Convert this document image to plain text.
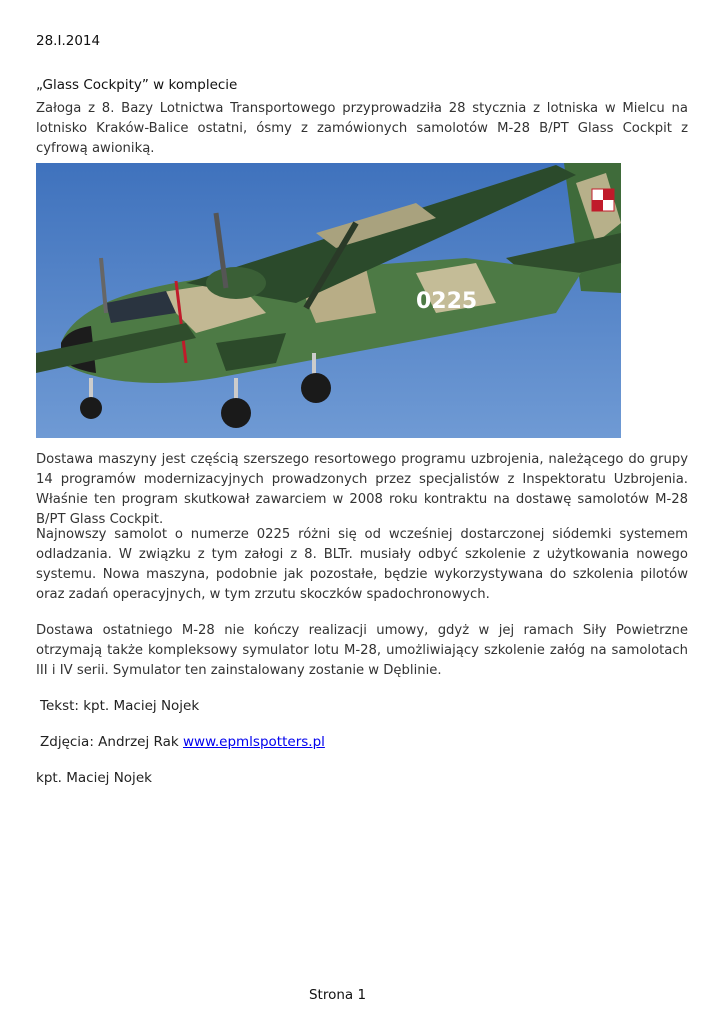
28.I.2014
„Glass Cockpity” w komplecie

Załoga z 8. Bazy Lotnictwa Transportowego przyprowadziła 28 stycznia z lotniska w Mielcu na lotnisko Kraków-Balice ostatni, ósmy z zamówionych samolotów M-28 B/PT Glass Cockpit z cyfrową awioniką.

0225

Dostawa maszyny jest częścią szerszego resortowego programu uzbrojenia, należącego do grupy 14 programów modernizacyjnych prowadzonych przez specjalistów z Inspektoratu Uzbrojenia. Właśnie ten program skutkował zawarciem w 2008 roku kontraktu na dostawę samolotów M-28 B/PT Glass Cockpit.

Najnowszy samolot o numerze 0225 różni się od wcześniej dostarczonej siódemki systemem odladzania. W związku z tym załogi z 8. BLTr. musiały odbyć szkolenie z użytkowania nowego systemu. Nowa maszyna, podobnie jak pozostałe, będzie wykorzystywana do szkolenia pilotów oraz zadań operacyjnych, w tym zrzutu skoczków spadochronowych.

Dostawa ostatniego M-28 nie kończy realizacji umowy, gdyż w jej ramach Siły Powietrzne otrzymają także kompleksowy symulator lotu M-28, umożliwiający szkolenie załóg na samolotach III i IV serii. Symulator ten zainstalowany zostanie w Dęblinie.

Tekst: kpt. Maciej Nojek
Zdjęcia: Andrzej Rak www.epmlspotters.pl
kpt. Maciej Nojek
Strona 1
